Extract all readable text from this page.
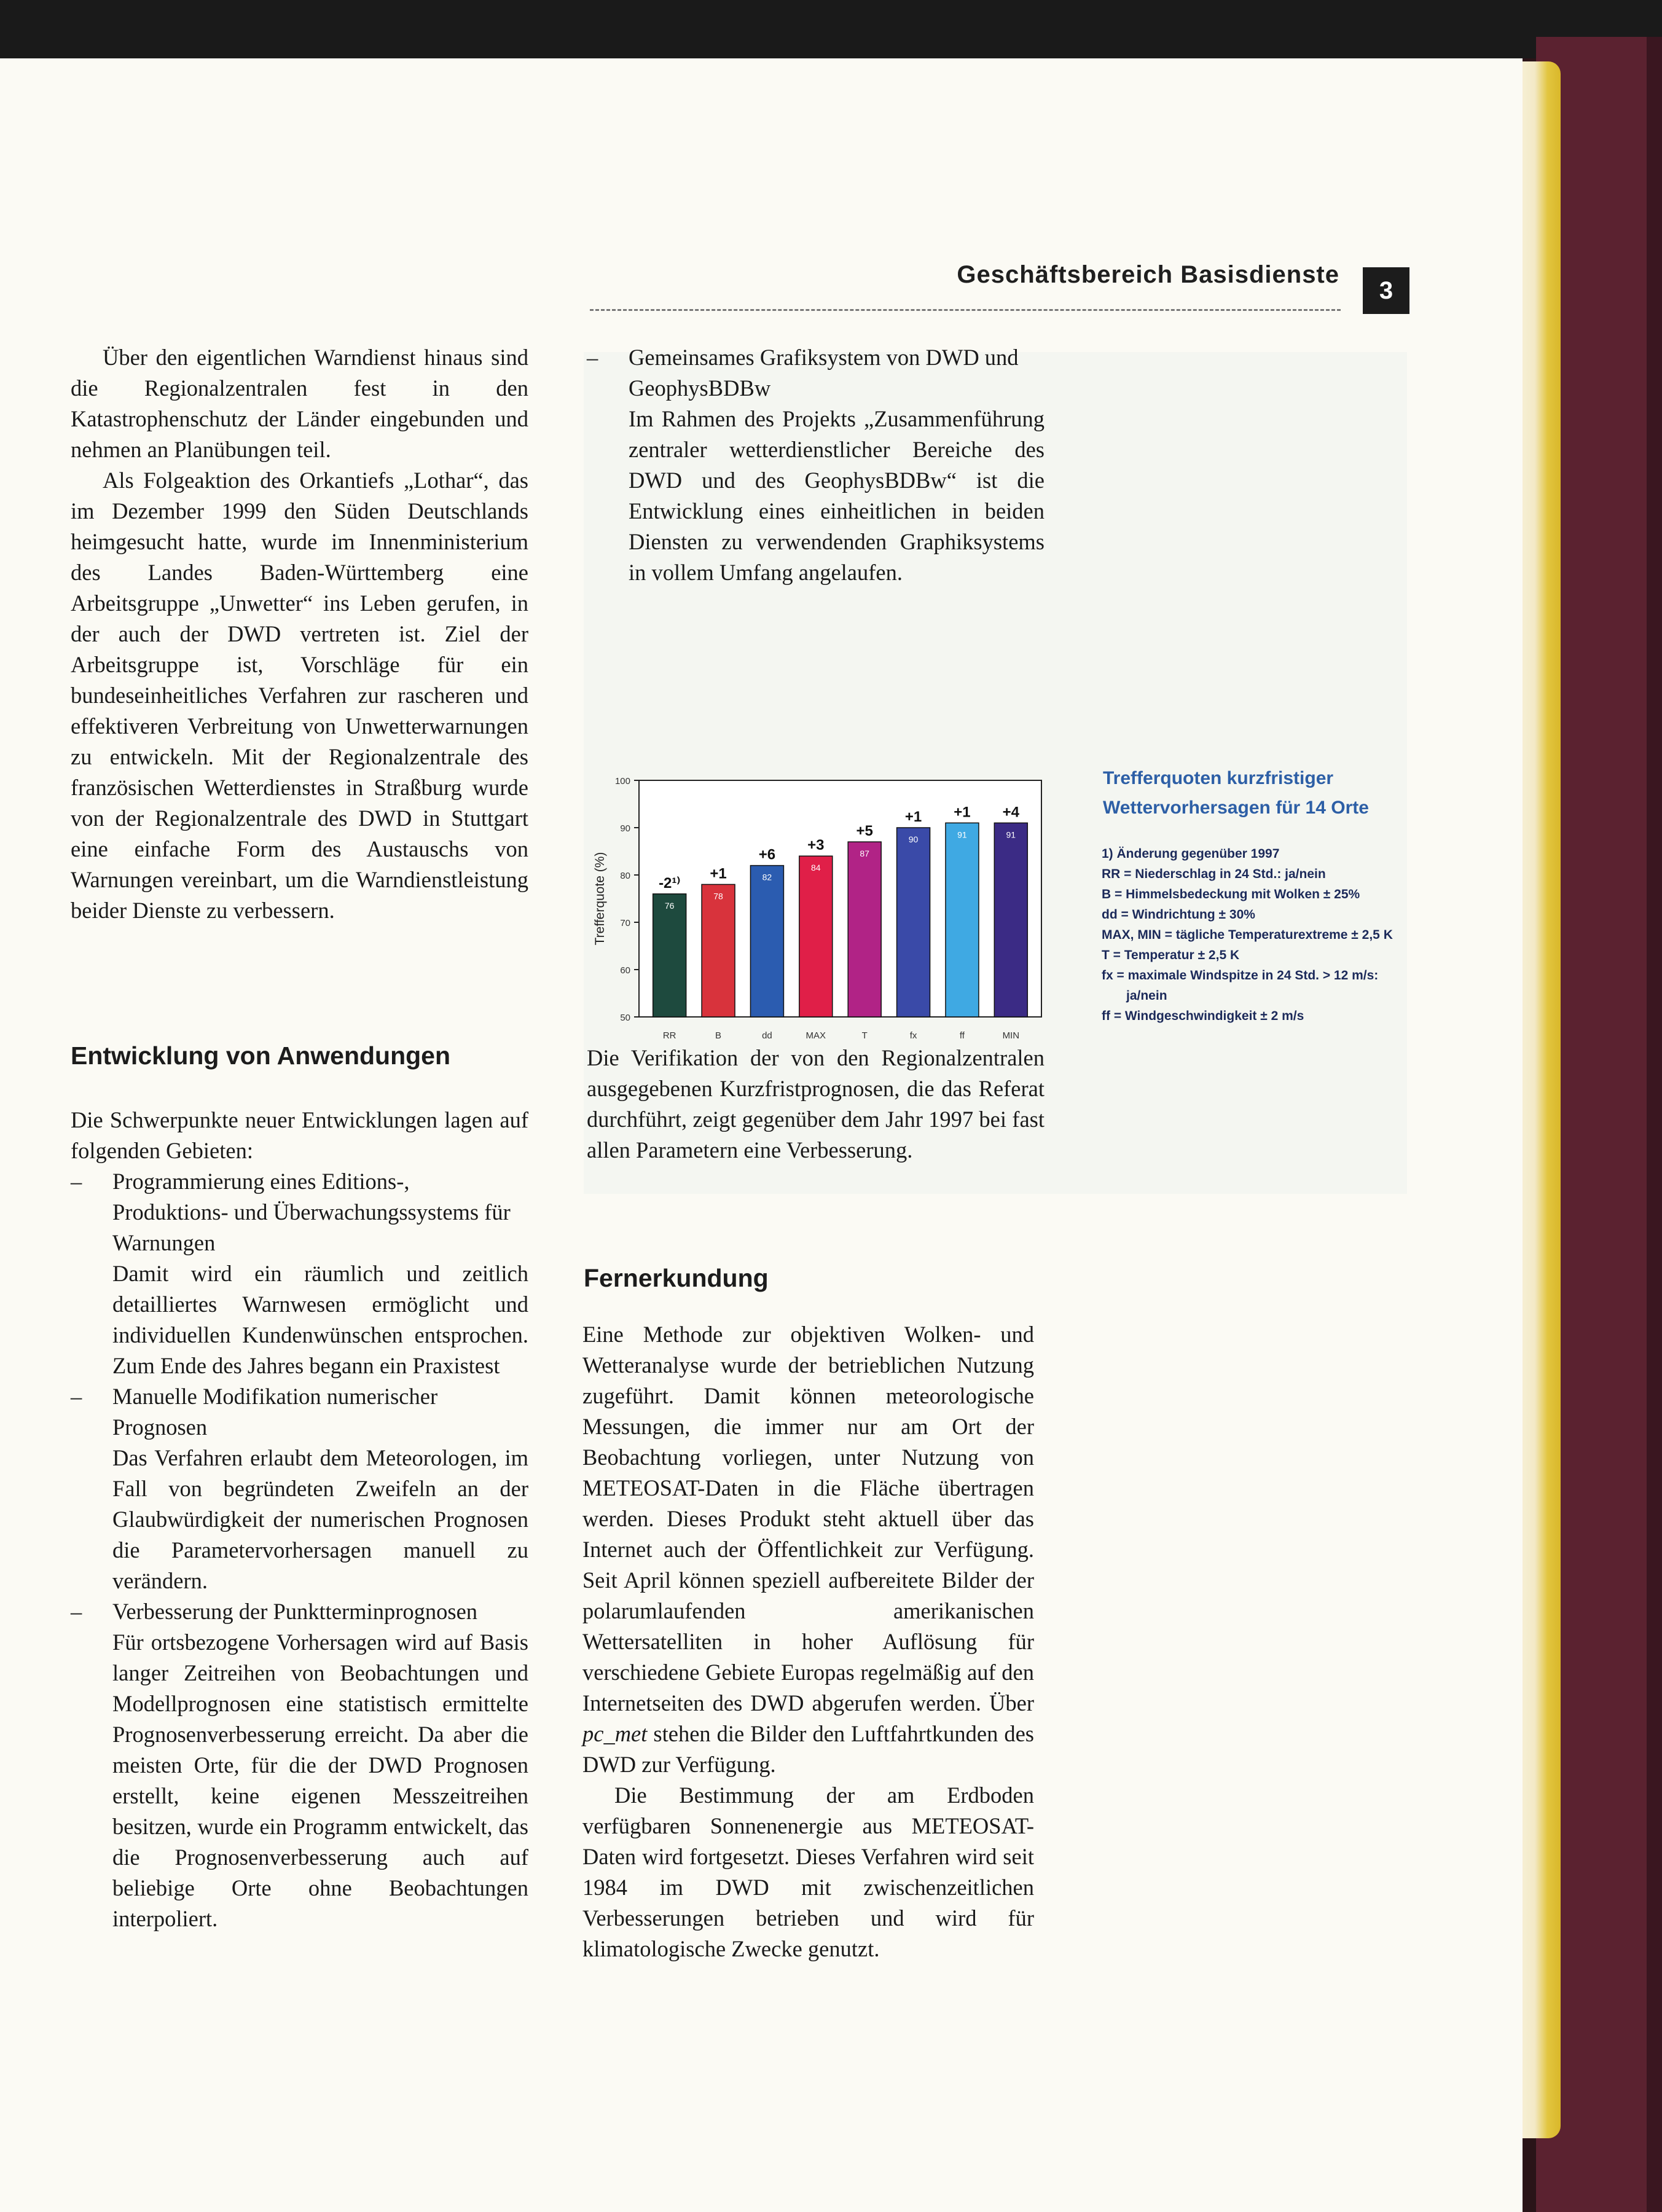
Geschäftsbereich Basisdienste
3

Über den eigentlichen Warndienst hinaus sind die Regionalzentralen fest in den Katastrophenschutz der Länder eingebunden und nehmen an Planübungen teil.

Als Folgeaktion des Orkantiefs „Lothar“, das im Dezember 1999 den Süden Deutschlands heimgesucht hatte, wurde im Innenministerium des Landes Baden-Württemberg eine Arbeitsgruppe „Unwetter“ ins Leben gerufen, in der auch der DWD vertreten ist. Ziel der Arbeitsgruppe ist, Vorschläge für ein bundeseinheitliches Verfahren zur rascheren und effektiveren Verbreitung von Unwetterwarnungen zu entwickeln. Mit der Regionalzentrale des französischen Wetterdienstes in Straßburg wurde von der Regionalzentrale des DWD in Stuttgart eine einfache Form des Austauschs von Warnungen vereinbart, um die Warndienstleistung beider Dienste zu verbessern.

Entwicklung von Anwendungen

Die Schwerpunkte neuer Entwicklungen lagen auf folgenden Gebieten:

– Programmierung eines Editions-, Produktions- und Überwachungssystems für Warnungen
Damit wird ein räumlich und zeitlich detailliertes Warnwesen ermöglicht und individuellen Kundenwünschen entsprochen. Zum Ende des Jahres begann ein Praxistest
– Manuelle Modifikation numerischer Prognosen
Das Verfahren erlaubt dem Meteorologen, im Fall von begründeten Zweifeln an der Glaubwürdigkeit der numerischen Prognosen die Parametervorhersagen manuell zu verändern.
– Verbesserung der Punktterminprognosen
Für ortsbezogene Vorhersagen wird auf Basis langer Zeitreihen von Beobachtungen und Modellprognosen eine statistisch ermittelte Prognosenverbesserung erreicht. Da aber die meisten Orte, für die der DWD Prognosen erstellt, keine eigenen Messzeitreihen besitzen, wurde ein Programm entwickelt, das die Prognosenverbesserung auch auf beliebige Orte ohne Beobachtungen interpoliert.
– Gemeinsames Grafiksystem von DWD und GeophysBDBw
Im Rahmen des Projekts „Zusammenführung zentraler wetterdienstlicher Bereiche des DWD und des GeophysBDBw“ ist die Entwicklung eines einheitlichen in beiden Diensten zu verwendenden Graphiksystems in vollem Umfang angelaufen.
50
60
70
80
90
100
Trefferquote (%)	76
-2¹⁾
RR
78
+1
B
82
+6
dd
84
+3
MAX
87
+5
T
90
+1
fx
91
+1
ff
91
+4
MIN
Trefferquoten kurzfristiger Wettervorhersagen für 14 Orte
1) Änderung gegenüber 1997
RR = Niederschlag in 24 Std.: ja/nein
B = Himmelsbedeckung mit Wolken ± 25%
dd = Windrichtung ± 30%
MAX, MIN = tägliche Temperaturextreme ± 2,5 K
T = Temperatur ± 2,5 K
fx = maximale Windspitze in 24 Std. > 12 m/s:
ja/nein
ff = Windgeschwindigkeit ± 2 m/s

Die Verifikation der von den Regionalzentralen ausgegebenen Kurzfristprognosen, die das Referat durchführt, zeigt gegenüber dem Jahr 1997 bei fast allen Parametern eine Verbesserung.

Fernerkundung

Eine Methode zur objektiven Wolken- und Wetteranalyse wurde der betrieblichen Nutzung zugeführt. Damit können meteorologische Messungen, die immer nur am Ort der Beobachtung vorliegen, unter Nutzung von METEOSAT-Daten in die Fläche übertragen werden. Dieses Produkt steht aktuell über das Internet auch der Öffentlichkeit zur Verfügung. Seit April können speziell aufbereitete Bilder der polarumlaufenden amerikanischen Wettersatelliten in hoher Auflösung für verschiedene Gebiete Europas regelmäßig auf den Internetseiten des DWD abgerufen werden. Über pc_met stehen die Bilder den Luftfahrtkunden des DWD zur Verfügung.

Die Bestimmung der am Erdboden verfügbaren Sonnenenergie aus METEOSAT-Daten wird fortgesetzt. Dieses Verfahren wird seit 1984 im DWD mit zwischenzeitlichen Verbesserungen betrieben und wird für klimatologische Zwecke genutzt.
